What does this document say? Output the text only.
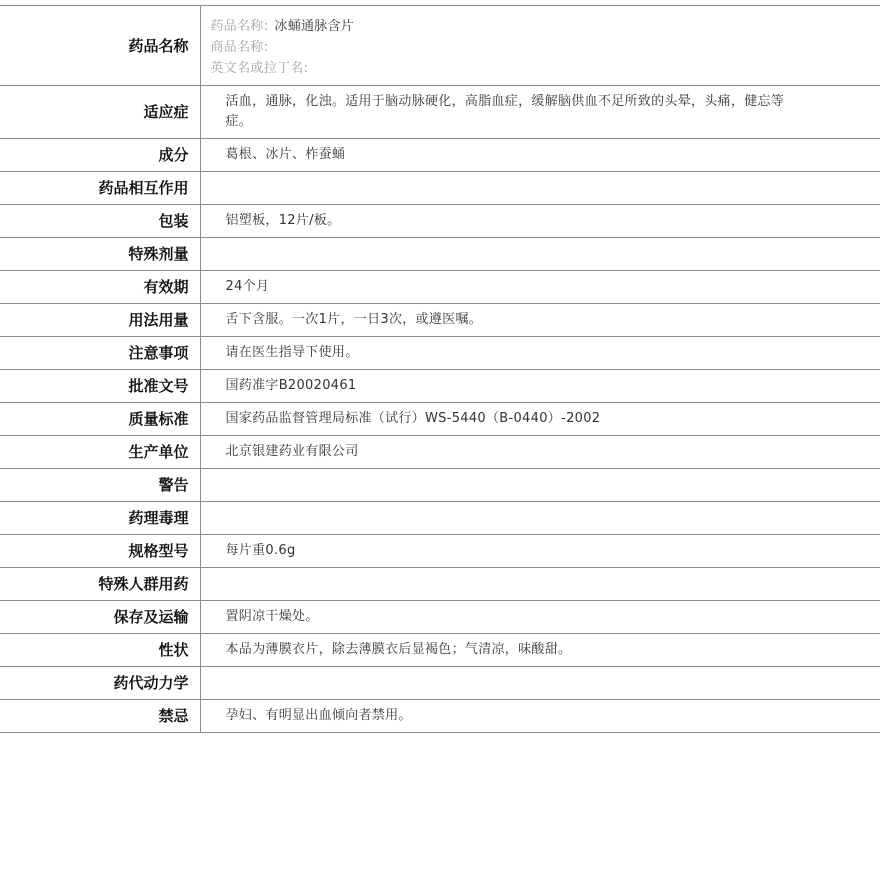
药品名称	药品名称: 冰蛹通脉含片
商品名称:
英文名或拉丁名:

适应症	活血，通脉，化浊。适用于脑动脉硬化，高脂血症，缓解脑供血不足所致的头晕，头痛，健忘等症。
成分	葛根、冰片、柞蚕蛹
药品相互作用	
包装	铝塑板，12片/板。
特殊剂量	
有效期	24个月
用法用量	舌下含服。一次1片，一日3次，或遵医嘱。
注意事项	请在医生指导下使用。
批准文号	国药准字B20020461
质量标准	国家药品监督管理局标准（试行）WS-5440（B-0440）-2002
生产单位	北京银建药业有限公司
警告	
药理毒理	
规格型号	每片重0.6g
特殊人群用药	
保存及运输	置阴凉干燥处。
性状	本品为薄膜衣片，除去薄膜衣后显褐色；气清凉，味酸甜。
药代动力学	
禁忌	孕妇、有明显出血倾向者禁用。
